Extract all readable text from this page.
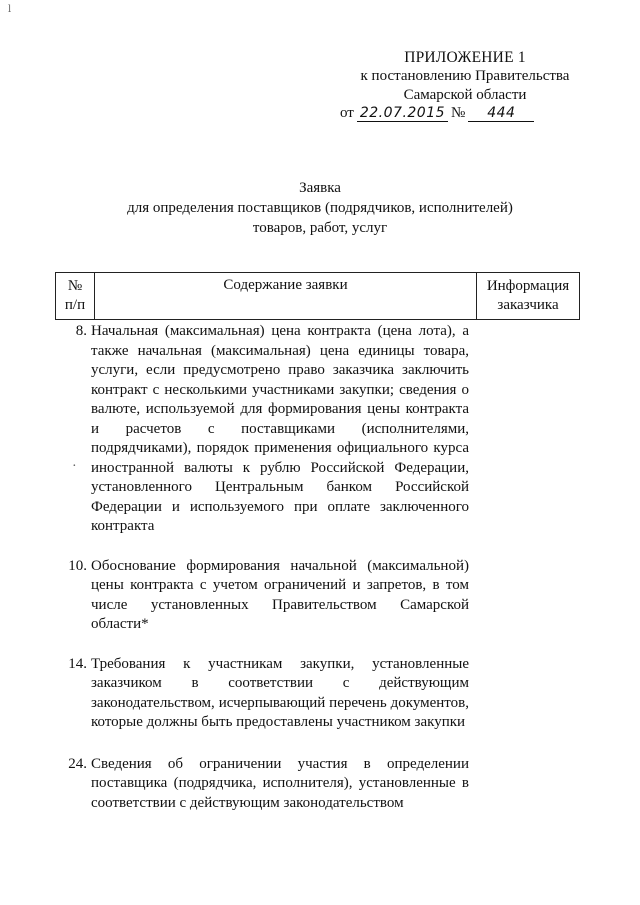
ⅼ
ПРИЛОЖЕНИЕ 1
к постановлению Правительства
Самарской области
от 22.07.2015 №	444
Заявка
для определения поставщиков (подрядчиков, исполнителей)
товаров, работ, услуг
№ п/п	Содержание заявки	Информация заказчика
8. Начальная (максимальная) цена контракта (цена лота), а также начальная (максимальная) цена единицы товара, услуги, если предусмотрено право заказчика заключить контракт с несколькими участниками закупки; сведения о валюте, используемой для формирования цены контракта и расчетов с поставщиками (исполнителями, подрядчиками), порядок применения официального курса иностранной валюты к рублю Российской Федерации, установленного Центральным банком Российской Федерации и используемого при оплате заключенного контракта
10. Обоснование формирования начальной (максимальной) цены контракта с учетом ограничений и запретов, в том числе установленных Правительством Самарской области*
14. Требования к участникам закупки, установленные заказчиком в соответствии с действующим законодательством, исчерпывающий перечень документов, которые должны быть предоставлены участником закупки
24. Сведения об ограничении участия в определении поставщика (подрядчика, исполнителя), установленные в соответствии с действующим законодательством
·
